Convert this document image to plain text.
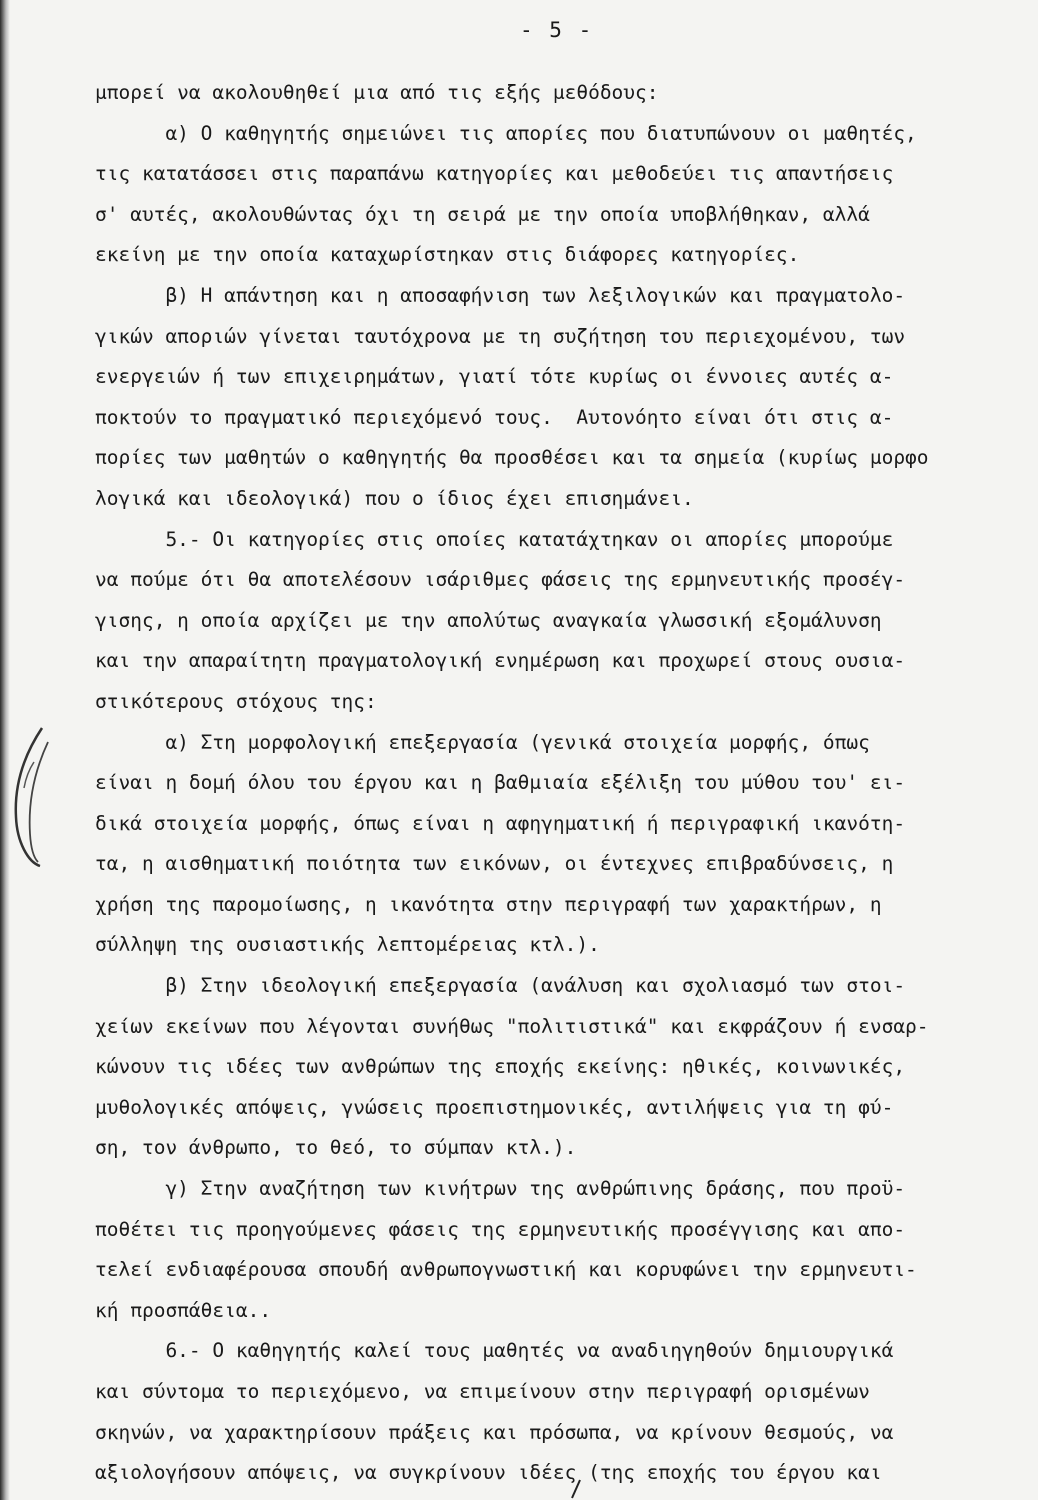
- 5 -
μπορεί να ακολουθηθεί μια από τις εξής μεθόδους:
α) Ο καθηγητής σημειώνει τις απορίες που διατυπώνουν οι μαθητές,
τις κατατάσσει στις παραπάνω κατηγορίες και μεθοδεύει τις απαντήσεις
σ' αυτές, ακολουθώντας όχι τη σειρά με την οποία υποβλήθηκαν, αλλά
εκείνη με την οποία καταχωρίστηκαν στις διάφορες κατηγορίες.
β) Η απάντηση και η αποσαφήνιση των λεξιλογικών και πραγματολο-
γικών αποριών γίνεται ταυτόχρονα με τη συζήτηση του περιεχομένου, των
ενεργειών ή των επιχειρημάτων, γιατί τότε κυρίως οι έννοιες αυτές α-
ποκτούν το πραγματικό περιεχόμενό τους.  Αυτονόητο είναι ότι στις α-
πορίες των μαθητών ο καθηγητής θα προσθέσει και τα σημεία (κυρίως μορφο
λογικά και ιδεολογικά) που ο ίδιος έχει επισημάνει.
5.- Οι κατηγορίες στις οποίες κατατάχτηκαν οι απορίες μπορούμε
να πούμε ότι θα αποτελέσουν ισάριθμες φάσεις της ερμηνευτικής προσέγ-
γισης, η οποία αρχίζει με την απολύτως αναγκαία γλωσσική εξομάλυνση
και την απαραίτητη πραγματολογική ενημέρωση και προχωρεί στους ουσια-
στικότερους στόχους της:
α) Στη μορφολογική επεξεργασία (γενικά στοιχεία μορφής, όπως
είναι η δομή όλου του έργου και η βαθμιαία εξέλιξη του μύθου του' ει-
δικά στοιχεία μορφής, όπως είναι η αφηγηματική ή περιγραφική ικανότη-
τα, η αισθηματική ποιότητα των εικόνων, οι έντεχνες επιβραδύνσεις, η
χρήση της παρομοίωσης, η ικανότητα στην περιγραφή των χαρακτήρων, η
σύλληψη της ουσιαστικής λεπτομέρειας κτλ.).
β) Στην ιδεολογική επεξεργασία (ανάλυση και σχολιασμό των στοι-
χείων εκείνων που λέγονται συνήθως "πολιτιστικά" και εκφράζουν ή ενσαρ-
κώνουν τις ιδέες των ανθρώπων της εποχής εκείνης: ηθικές, κοινωνικές,
μυθολογικές απόψεις, γνώσεις προεπιστημονικές, αντιλήψεις για τη φύ-
ση, τον άνθρωπο, το θεό, το σύμπαν κτλ.).
γ) Στην αναζήτηση των κινήτρων της ανθρώπινης δράσης, που προϋ-
ποθέτει τις προηγούμενες φάσεις της ερμηνευτικής προσέγγισης και απο-
τελεί ενδιαφέρουσα σπουδή ανθρωπογνωστική και κορυφώνει την ερμηνευτι-
κή προσπάθεια..
6.- Ο καθηγητής καλεί τους μαθητές να αναδιηγηθούν δημιουργικά
και σύντομα το περιεχόμενο, να επιμείνουν στην περιγραφή ορισμένων
σκηνών, να χαρακτηρίσουν πράξεις και πρόσωπα, να κρίνουν θεσμούς, να
αξιολογήσουν απόψεις, να συγκρίνουν ιδέες (της εποχής του έργου και
